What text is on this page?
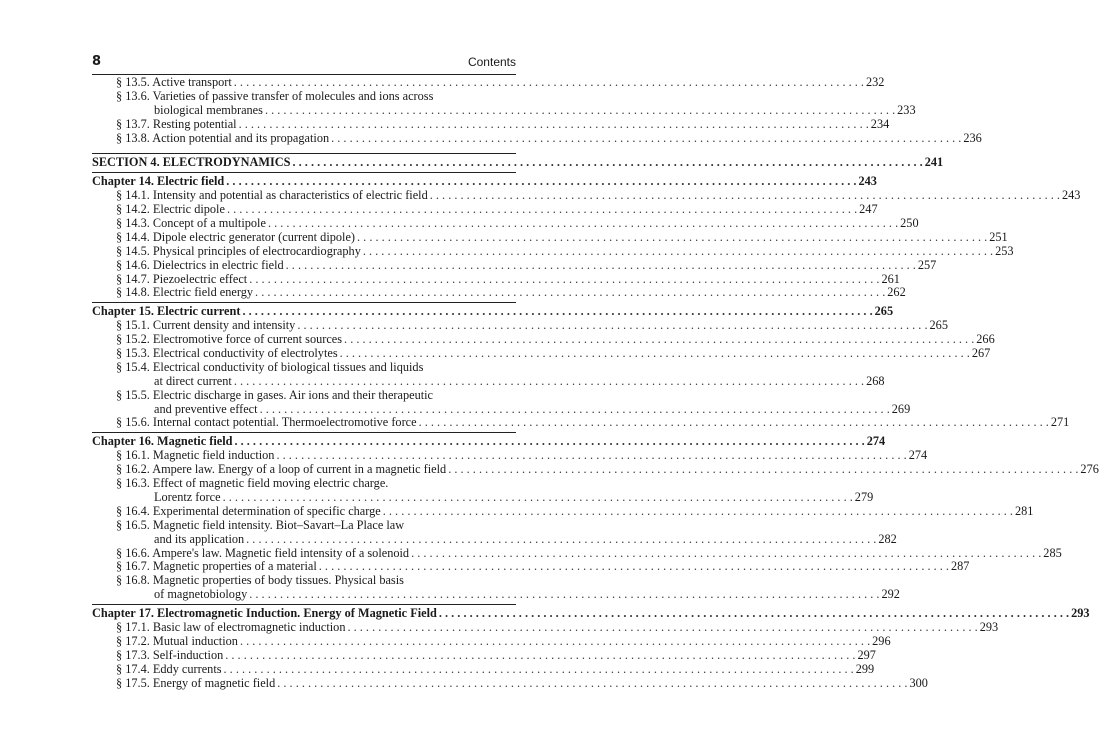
8	Contents
§ 13.5. Active transport . . .	232
§ 13.6. Varieties of passive transfer of molecules and ions across
biological membranes . . .	233
§ 13.7. Resting potential . . .	234
§ 13.8. Action potential and its propagation . . .	236
SECTION 4. ELECTRODYNAMICS . . .	241
Chapter 14. Electric field . . .	243
§ 14.1. Intensity and potential as characteristics of electric field . . .	243
§ 14.2. Electric dipole . . .	247
§ 14.3. Concept of a multipole . . .	250
§ 14.4. Dipole electric generator (current dipole) . . .	251
§ 14.5. Physical principles of electrocardiography . . .	253
§ 14.6. Dielectrics in electric field . . .	257
§ 14.7. Piezoelectric effect . . .	261
§ 14.8. Electric field energy . . .	262
Chapter 15. Electric current . . .	265
§ 15.1. Current density and intensity . . .	265
§ 15.2. Electromotive force of current sources . . .	266
§ 15.3. Electrical conductivity of electrolytes . . .	267
§ 15.4. Electrical conductivity of biological tissues and liquids
at direct current . . .	268
§ 15.5. Electric discharge in gases. Air ions and their therapeutic
and preventive effect . . .	269
§ 15.6. Internal contact potential. Thermoelectromotive force . . .	271
Chapter 16. Magnetic field . . .	274
§ 16.1. Magnetic field induction . . .	274
§ 16.2. Ampere law. Energy of a loop of current in a magnetic field . . .	276
§ 16.3. Effect of magnetic field moving electric charge.
Lorentz force . . .	279
§ 16.4. Experimental determination of specific charge . . .	281
§ 16.5. Magnetic field intensity. Biot–Savart–La Place law
and its application . . .	282
§ 16.6. Ampere's law. Magnetic field intensity of a solenoid . . .	285
§ 16.7. Magnetic properties of a material . . .	287
§ 16.8. Magnetic properties of body tissues. Physical basis
of magnetobiology . . .	292
Chapter 17. Electromagnetic Induction. Energy of Magnetic Field . . .	293
§ 17.1. Basic law of electromagnetic induction . . .	293
§ 17.2. Mutual induction . . .	296
§ 17.3. Self-induction . . .	297
§ 17.4. Eddy currents . . .	299
§ 17.5. Energy of magnetic field . . .	300
